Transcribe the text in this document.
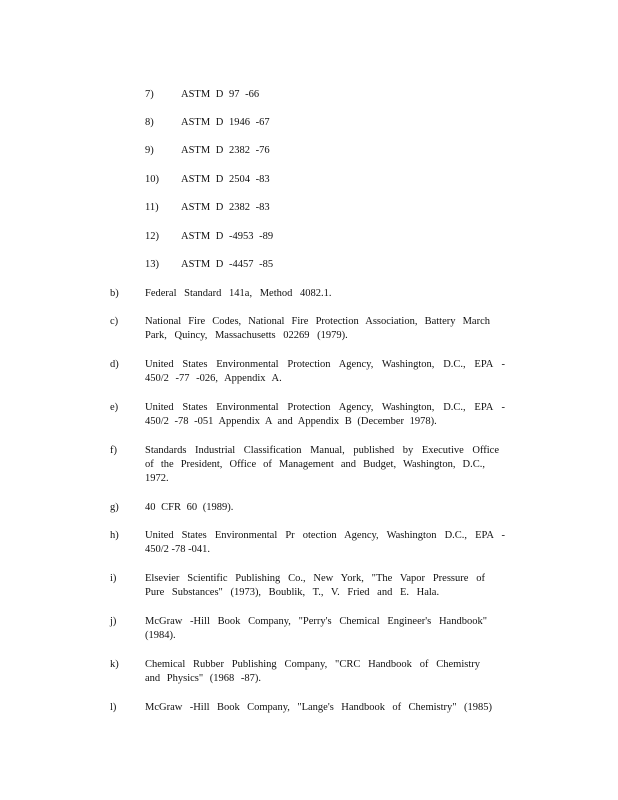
7)	ASTM D 97 -66
8)	ASTM D 1946 -67
9)	ASTM D 2382 -76
10) ASTM D 2504 -83
11) ASTM D 2382 -83
12) ASTM D -4953 -89
13) ASTM D -4457 -85
b)	Federal Standard 141a, Method 4082.1.
c)	National Fire Codes, National Fire Protection Association, Battery March
Park, Quincy, Massachusetts 02269 (1979).
d)	United States Environmental Protection Agency, Washington, D.C., EPA -
450/2 -77 -026, Appendix A.
e)	United States Environmental Protection Agency, Washington, D.C., EPA -
450/2 -78 -051 Appendix A and Appendix B (December 1978).
f)	Standards Industrial Classification Manual, published by Executive Office
of the President, Office of Management and Budget, Washington, D.C.,
1972.
g)	40 CFR 60 (1989).
h)	United States Environmental Pr otection Agency, Washington D.C., EPA -
450/2 -78 -041.
i)	Elsevier Scientific Publishing Co., New York, "The Vapor Pressure of
Pure Substances" (1973), Boublik, T., V. Fried and E. Hala.
j)	McGraw -Hill Book Company, "Perry's Chemical Engineer's Handbook"
(1984).
k)	Chemical Rubber Publishing Company, "CRC Handbook of Chemistry
and Physics" (1968 -87).
l)	McGraw -Hill Book Company, "Lange's Handbook of Chemistry" (1985)
